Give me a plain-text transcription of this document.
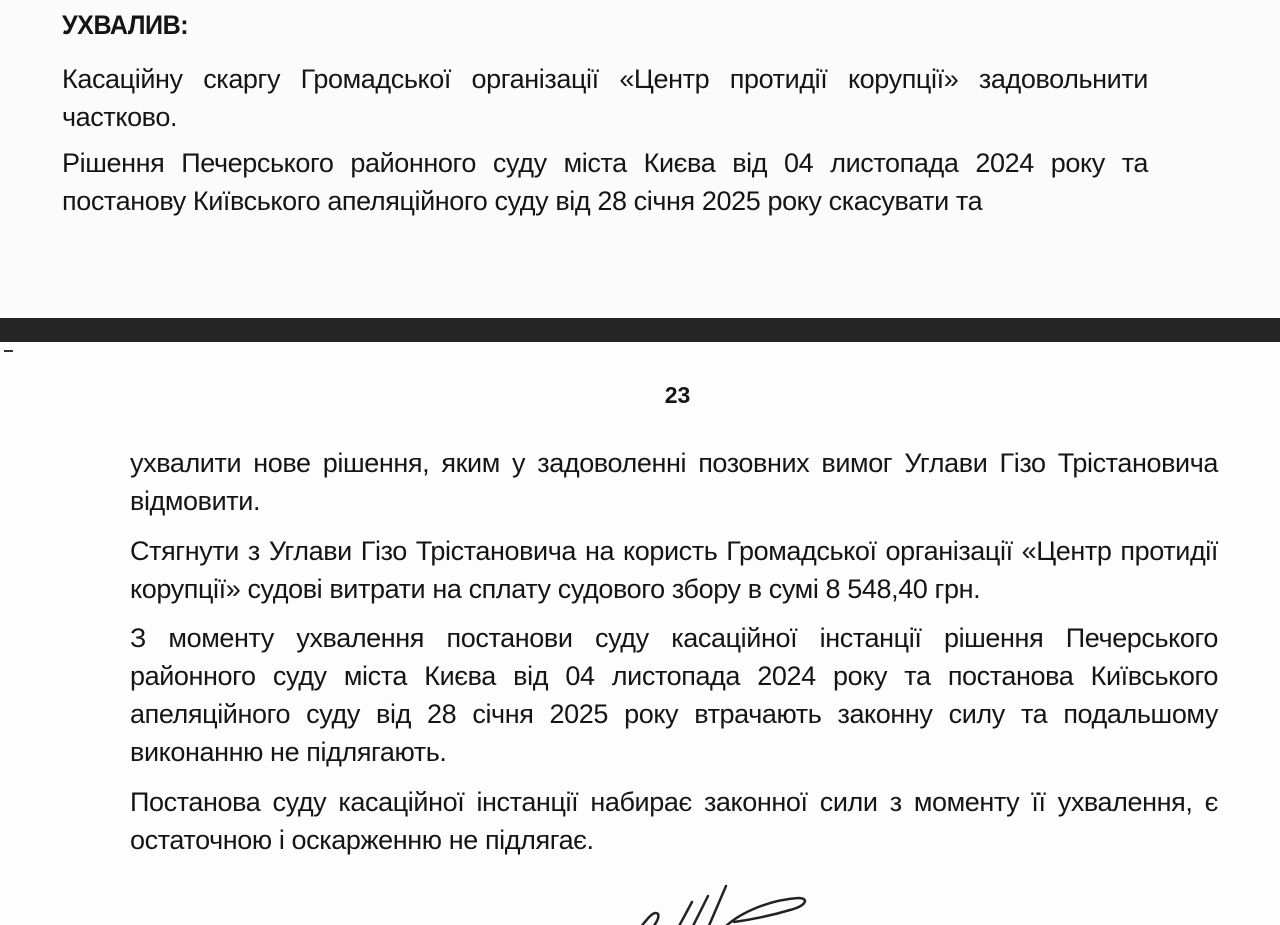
УХВАЛИВ:

Касаційну скаргу Громадської організації «Центр протидії корупції» задовольнити частково.

Рішення Печерського районного суду міста Києва від 04 листопада 2024 року та постанову Київського апеляційного суду від 28 січня 2025 року скасувати та

23

ухвалити нове рішення, яким у задоволенні позовних вимог Углави Гізо Трістановича відмовити.

Стягнути з Углави Гізо Трістановича на користь Громадської організації «Центр протидії корупції» судові витрати на сплату судового збору в сумі 8 548,40 грн.

З моменту ухвалення постанови суду касаційної інстанції рішення Печерського районного суду міста Києва від 04 листопада 2024 року та постанова Київського апеляційного суду від 28 січня 2025 року втрачають законну силу та подальшому виконанню не підлягають.

Постанова суду касаційної інстанції набирає законної сили з моменту її ухвалення, є остаточною і оскарженню не підлягає.
